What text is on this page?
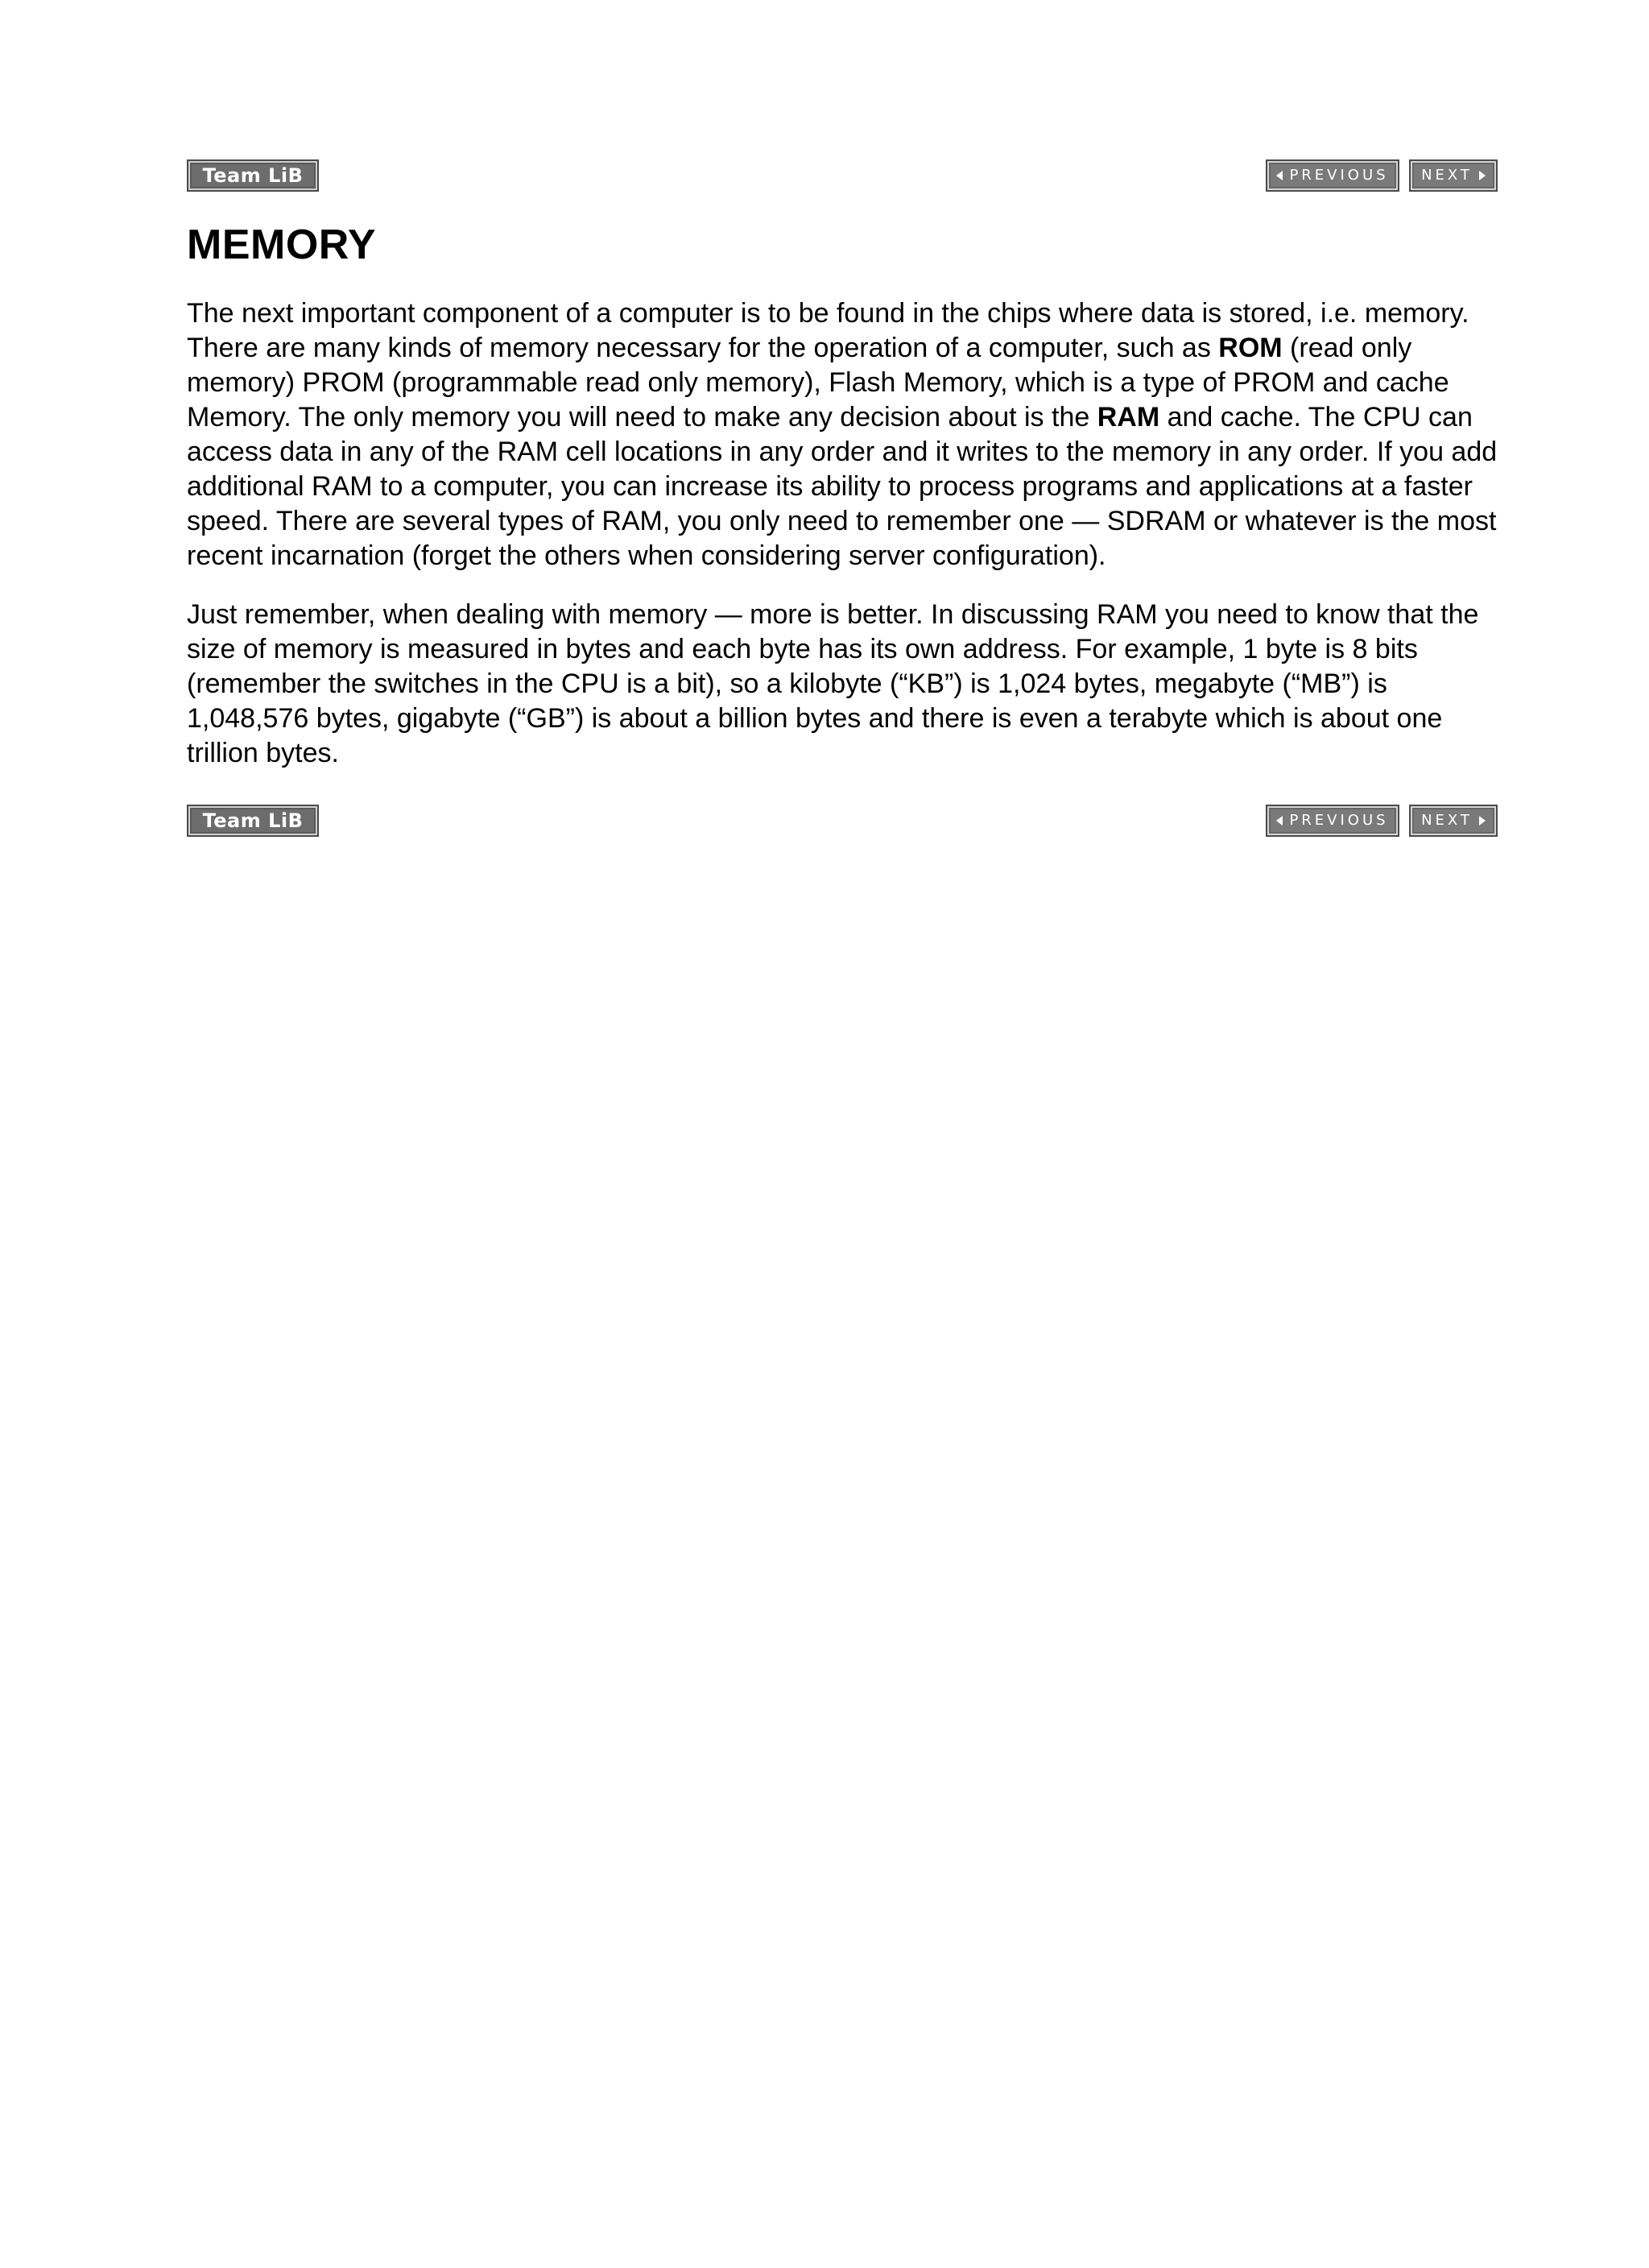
Team LiB	PREVIOUS NEXT
MEMORY

The next important component of a computer is to be found in the chips where data is stored, i.e. memory. There are many kinds of memory necessary for the operation of a computer, such as ROM (read only memory) PROM (programmable read only memory), Flash Memory, which is a type of PROM and cache Memory. The only memory you will need to make any decision about is the RAM and cache. The CPU can access data in any of the RAM cell locations in any order and it writes to the memory in any order. If you add additional RAM to a computer, you can increase its ability to process programs and applications at a faster speed. There are several types of RAM, you only need to remember one — SDRAM or whatever is the most recent incarnation (forget the others when considering server configuration).

Just remember, when dealing with memory — more is better. In discussing RAM you need to know that the size of memory is measured in bytes and each byte has its own address. For example, 1 byte is 8 bits (remember the switches in the CPU is a bit), so a kilobyte (“KB”) is 1,024 bytes, megabyte (“MB”) is 1,048,576 bytes, gigabyte (“GB”) is about a billion bytes and there is even a terabyte which is about one trillion bytes.

Team LiB	PREVIOUS NEXT
